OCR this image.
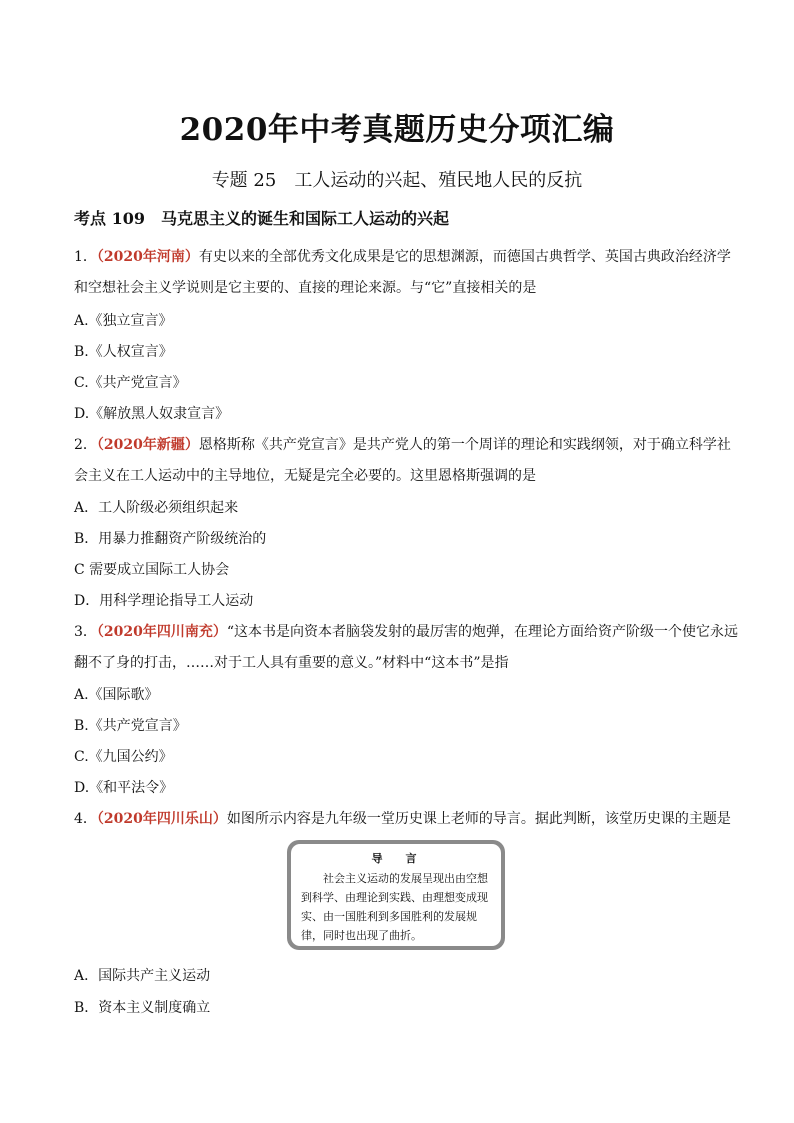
2020年中考真题历史分项汇编
专题 25　工人运动的兴起、殖民地人民的反抗
考点 109　马克思主义的诞生和国际工人运动的兴起
1．（2020年河南）有史以来的全部优秀文化成果是它的思想渊源，而德国古典哲学、英国古典政治经济学
和空想社会主义学说则是它主要的、直接的理论来源。与“它”直接相关的是
A.《独立宣言》
B.《人权宣言》
C.《共产党宣言》
D.《解放黑人奴隶宣言》
2．（2020年新疆）恩格斯称《共产党宣言》是共产党人的第一个周详的理论和实践纲领，对于确立科学社
会主义在工人运动中的主导地位，无疑是完全必要的。这里恩格斯强调的是
A．工人阶级必须组织起来
B．用暴力推翻资产阶级统治的
C 需要成立国际工人协会
D．用科学理论指导工人运动
3．（2020年四川南充）“这本书是向资本者脑袋发射的最厉害的炮弹，在理论方面给资产阶级一个使它永远
翻不了身的打击，……对于工人具有重要的意义。”材料中“这本书”是指
A.《国际歌》
B.《共产党宣言》
C.《九国公约》
D.《和平法令》
4．（2020年四川乐山）如图所示内容是九年级一堂历史课上老师的导言。据此判断，该堂历史课的主题是
导　言
社会主义运动的发展呈现出由空想到科学、由理论到实践、由理想变成现实、由一国胜利到多国胜利的发展规律，同时也出现了曲折。
A．国际共产主义运动
B．资本主义制度确立
